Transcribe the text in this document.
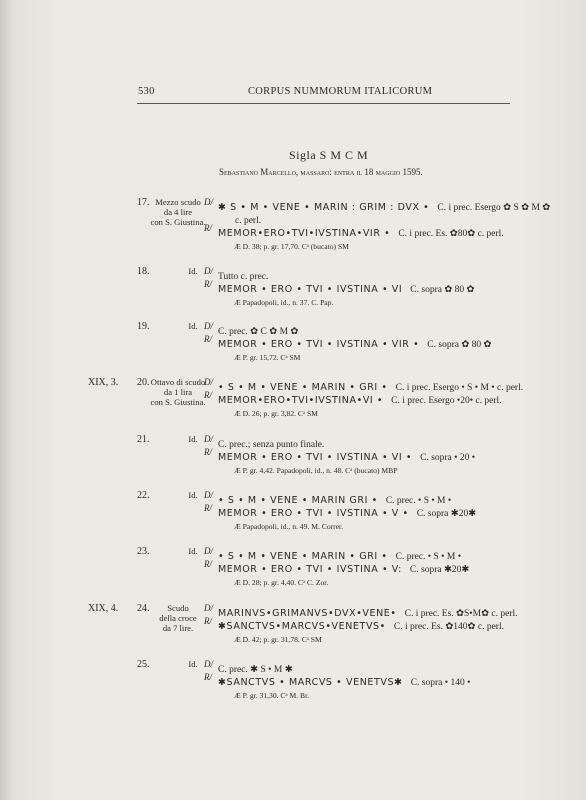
530	CORPUS NUMMORUM ITALICORUM
Sigla S M C M
Sebastiano Marcello, massaro: entra il 18 maggio 1595.
17. Mezzo scudo
da 4 lire
con S. Giustina.
D/ ✱ S • M • VENE • MARIN : GRIM : DVX • C. i prec. Esergo ✿ S ✿ M ✿
c. perl.
R/ MEMOR•ERO•TVI•IVSTINA•VIR • C. i prec. Es. ✿80✿ c. perl.
Æ D. 38; p. gr. 17,70. Cᵃ (bucato) SM
18.	Id. D/
Tutto c. prec.
R/ MEMOR • ERO • TVI • IVSTINA • VI C. sopra ✿ 80 ✿
Æ Papadopoli, id., n. 37. C. Pap.
19.	Id. D/
C. prec. ✿ C ✿ M ✿
R/ MEMOR • ERO • TVI • IVSTINA • VIR • C. sopra ✿ 80 ✿
Æ P. gr. 15,72. Cᵃ SM
XIX, 3. 20. Ottavo di scudo
da 1 lira
con S. Giustina.
D/ • S • M • VENE • MARIN • GRI • C. i prec. Esergo • S • M • c. perl.
R/ MEMOR•ERO•TVI•IVSTINA•VI • C. i prec. Esergo •20• c. perl.
Æ D. 26; p. gr. 3,82. Cᵃ SM
21.	Id. D/
C. prec.; senza punto finale.
R/ MEMOR • ERO • TVI • IVSTINA • VI • C. sopra • 20 •
Æ P. gr. 4,42. Papadopoli, id., n. 48. Cᵃ (bucato) MBP
22.	Id. D/ • S • M • VENE • MARIN GRI • C. prec. • S • M •
R/ MEMOR • ERO • TVI • IVSTINA • V • C. sopra ✱20✱
Æ Papadopoli, id., n. 49. M. Correr.
23.	Id. D/ • S • M • VENE • MARIN • GRI • C. prec. • S • M •
R/ MEMOR • ERO • TVI • IVSTINA • V: C. sopra ✱20✱
Æ D. 28; p. gr. 4,40. Cᵃ C. Zor.
XIX, 4. 24.	Scudo
della croce
da 7 lire.
D/ MARINVS•GRIMANVS•DVX•VENE• C. i prec. Es. ✿S•M✿ c. perl.
R/ ✱SANCTVS•MARCVS•VENETVS• C. i prec. Es. ✿140✿ c. perl.
Æ D. 42; p. gr. 31,78. Cᵃ SM
25.	Id. D/
C. prec. ✱ S • M ✱
R/ ✱SANCTVS • MARCVS • VENETVS✱ C. sopra • 140 •
Æ P. gr. 31,30. Cᵃ M. Br.
